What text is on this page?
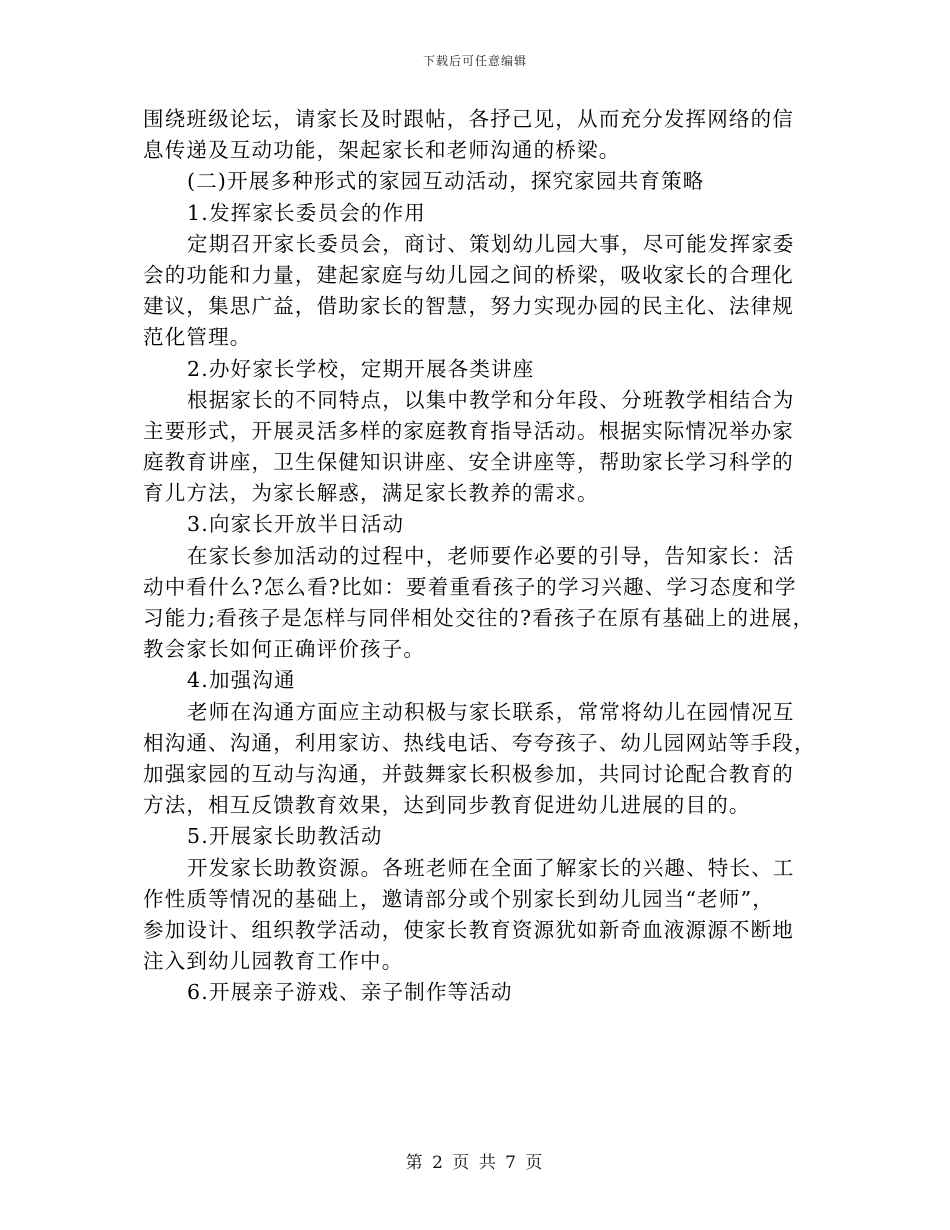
下载后可任意编辑
围绕班级论坛，请家长及时跟帖，各抒己见，从而充分发挥网络的信
息传递及互动功能，架起家长和老师沟通的桥梁。
(二)开展多种形式的家园互动活动，探究家园共育策略
1.发挥家长委员会的作用
定期召开家长委员会，商讨、策划幼儿园大事，尽可能发挥家委
会的功能和力量，建起家庭与幼儿园之间的桥梁，吸收家长的合理化
建议，集思广益，借助家长的智慧，努力实现办园的民主化、法律规
范化管理。
2.办好家长学校，定期开展各类讲座
根据家长的不同特点，以集中教学和分年段、分班教学相结合为
主要形式，开展灵活多样的家庭教育指导活动。根据实际情况举办家
庭教育讲座，卫生保健知识讲座、安全讲座等，帮助家长学习科学的
育儿方法，为家长解惑，满足家长教养的需求。
3.向家长开放半日活动
在家长参加活动的过程中，老师要作必要的引导，告知家长：活
动中看什么?怎么看?比如：要着重看孩子的学习兴趣、学习态度和学
习能力;看孩子是怎样与同伴相处交往的?看孩子在原有基础上的进展，
教会家长如何正确评价孩子。
4.加强沟通
老师在沟通方面应主动积极与家长联系，常常将幼儿在园情况互
相沟通、沟通，利用家访、热线电话、夸夸孩子、幼儿园网站等手段，
加强家园的互动与沟通，并鼓舞家长积极参加，共同讨论配合教育的
方法，相互反馈教育效果，达到同步教育促进幼儿进展的目的。
5.开展家长助教活动
开发家长助教资源。各班老师在全面了解家长的兴趣、特长、工
作性质等情况的基础上，邀请部分或个别家长到幼儿园当“老师”，
参加设计、组织教学活动，使家长教育资源犹如新奇血液源源不断地
注入到幼儿园教育工作中。
6.开展亲子游戏、亲子制作等活动
第 2 页 共 7 页
